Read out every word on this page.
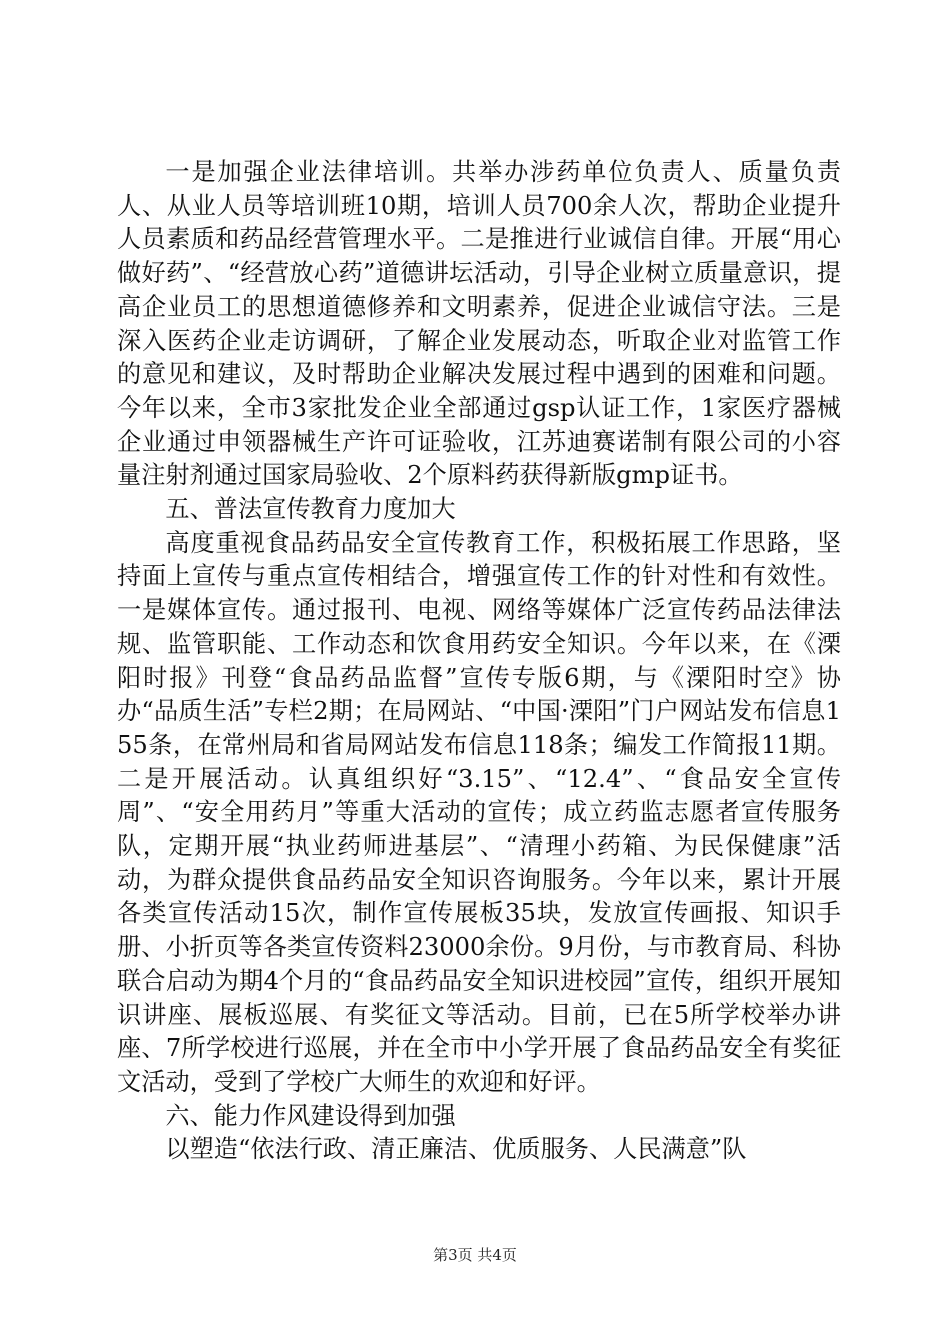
一是加强企业法律培训。共举办涉药单位负责人、质量负责人、从业人员等培训班10期，培训人员700余人次，帮助企业提升人员素质和药品经营管理水平。二是推进行业诚信自律。开展“用心做好药”、“经营放心药”道德讲坛活动，引导企业树立质量意识，提高企业员工的思想道德修养和文明素养，促进企业诚信守法。三是深入医药企业走访调研，了解企业发展动态，听取企业对监管工作的意见和建议，及时帮助企业解决发展过程中遇到的困难和问题。今年以来，全市3家批发企业全部通过gsp认证工作，1家医疗器械企业通过申领器械生产许可证验收，江苏迪赛诺制有限公司的小容量注射剂通过国家局验收、2个原料药获得新版gmp证书。

五、普法宣传教育力度加大

高度重视食品药品安全宣传教育工作，积极拓展工作思路，坚持面上宣传与重点宣传相结合，增强宣传工作的针对性和有效性。一是媒体宣传。通过报刊、电视、网络等媒体广泛宣传药品法律法规、监管职能、工作动态和饮食用药安全知识。今年以来，在《溧阳时报》刊登“食品药品监督”宣传专版6期，与《溧阳时空》协办“品质生活”专栏2期；在局网站、“中国·溧阳”门户网站发布信息155条，在常州局和省局网站发布信息118条；编发工作简报11期。二是开展活动。认真组织好“3.15”、“12.4”、“食品安全宣传周”、“安全用药月”等重大活动的宣传；成立药监志愿者宣传服务队，定期开展“执业药师进基层”、“清理小药箱、为民保健康”活动，为群众提供食品药品安全知识咨询服务。今年以来，累计开展各类宣传活动15次，制作宣传展板35块，发放宣传画报、知识手册、小折页等各类宣传资料23000余份。9月份，与市教育局、科协联合启动为期4个月的“食品药品安全知识进校园”宣传，组织开展知识讲座、展板巡展、有奖征文等活动。目前，已在5所学校举办讲座、7所学校进行巡展，并在全市中小学开展了食品药品安全有奖征文活动，受到了学校广大师生的欢迎和好评。

六、能力作风建设得到加强

以塑造“依法行政、清正廉洁、优质服务、人民满意”队

第3页 共4页
